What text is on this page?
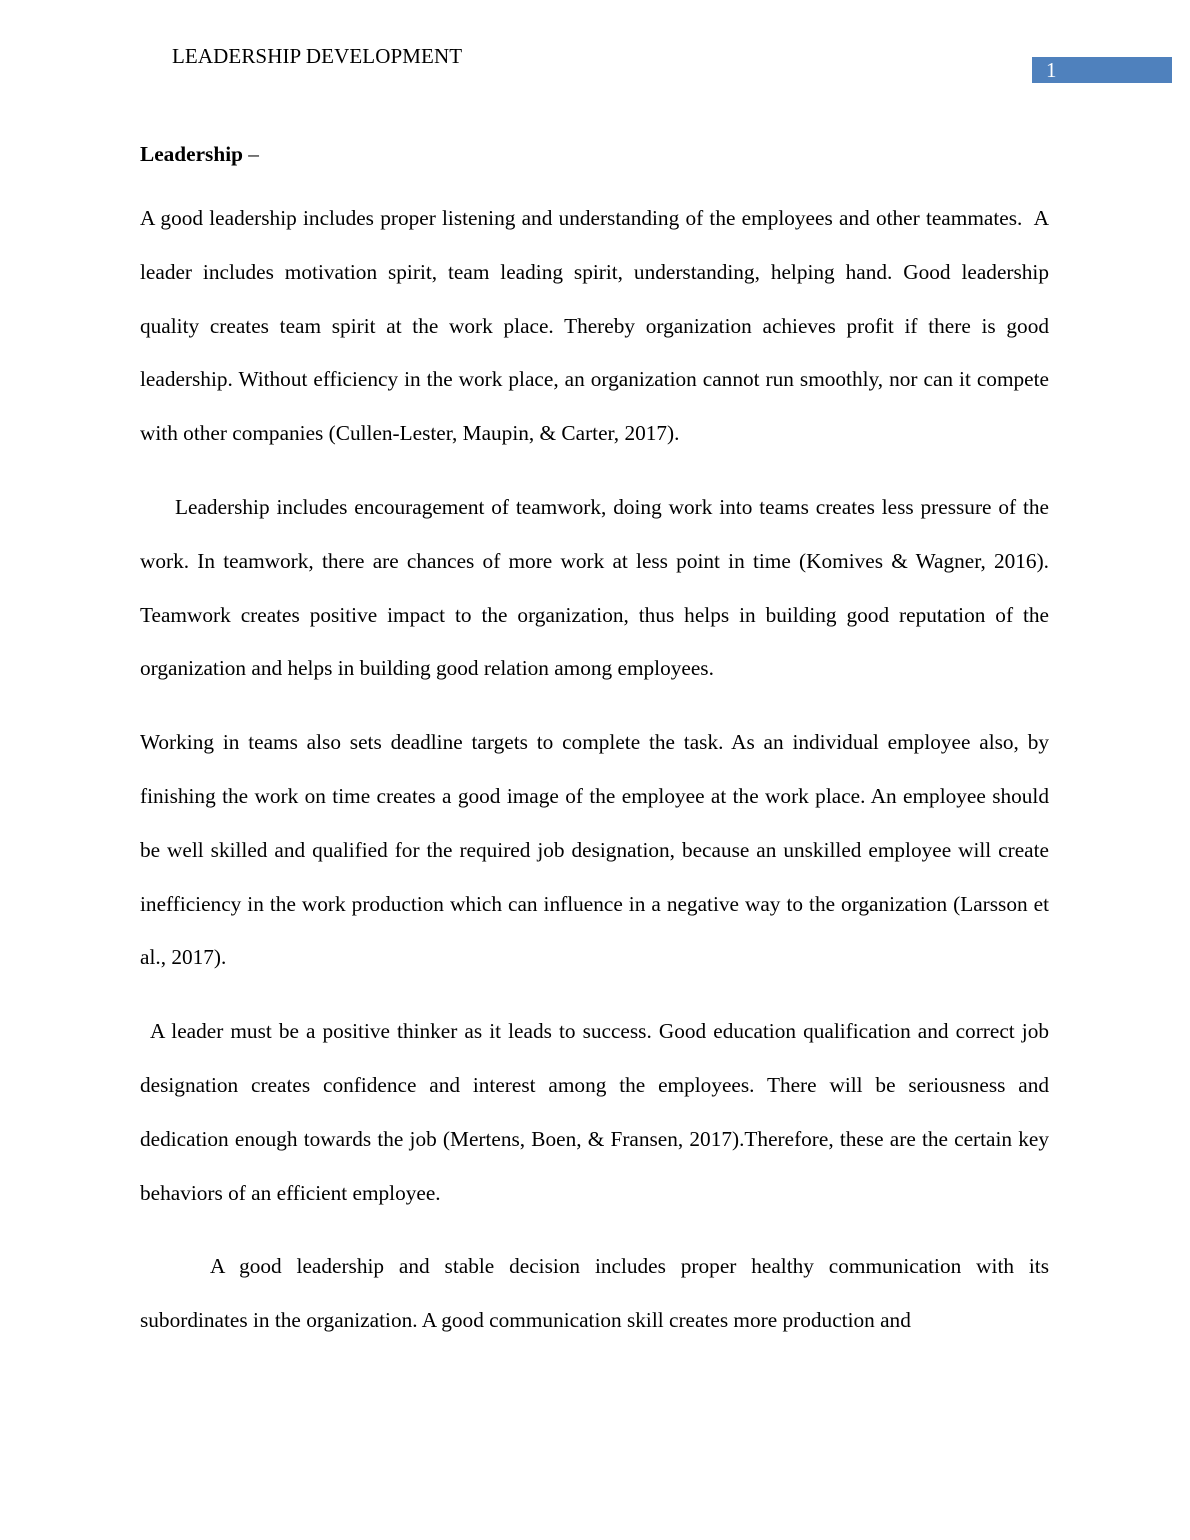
LEADERSHIP DEVELOPMENT
1

Leadership –

A good leadership includes proper listening and understanding of the employees and other teammates.  A leader includes motivation spirit, team leading spirit, understanding, helping hand. Good leadership quality creates team spirit at the work place. Thereby organization achieves profit if there is good leadership. Without efficiency in the work place, an organization cannot run smoothly, nor can it compete with other companies (Cullen-Lester, Maupin, & Carter, 2017).

Leadership includes encouragement of teamwork, doing work into teams creates less pressure of the work. In teamwork, there are chances of more work at less point in time (Komives & Wagner, 2016). Teamwork creates positive impact to the organization, thus helps in building good reputation of the organization and helps in building good relation among employees.

Working in teams also sets deadline targets to complete the task. As an individual employee also, by finishing the work on time creates a good image of the employee at the work place. An employee should be well skilled and qualified for the required job designation, because an unskilled employee will create inefficiency in the work production which can influence in a negative way to the organization (Larsson et al., 2017).

A leader must be a positive thinker as it leads to success. Good education qualification and correct job designation creates confidence and interest among the employees. There will be seriousness and dedication enough towards the job (Mertens, Boen, & Fransen, 2017).Therefore, these are the certain key behaviors of an efficient employee.

A good leadership and stable decision includes proper healthy communication with its subordinates in the organization. A good communication skill creates more production and
